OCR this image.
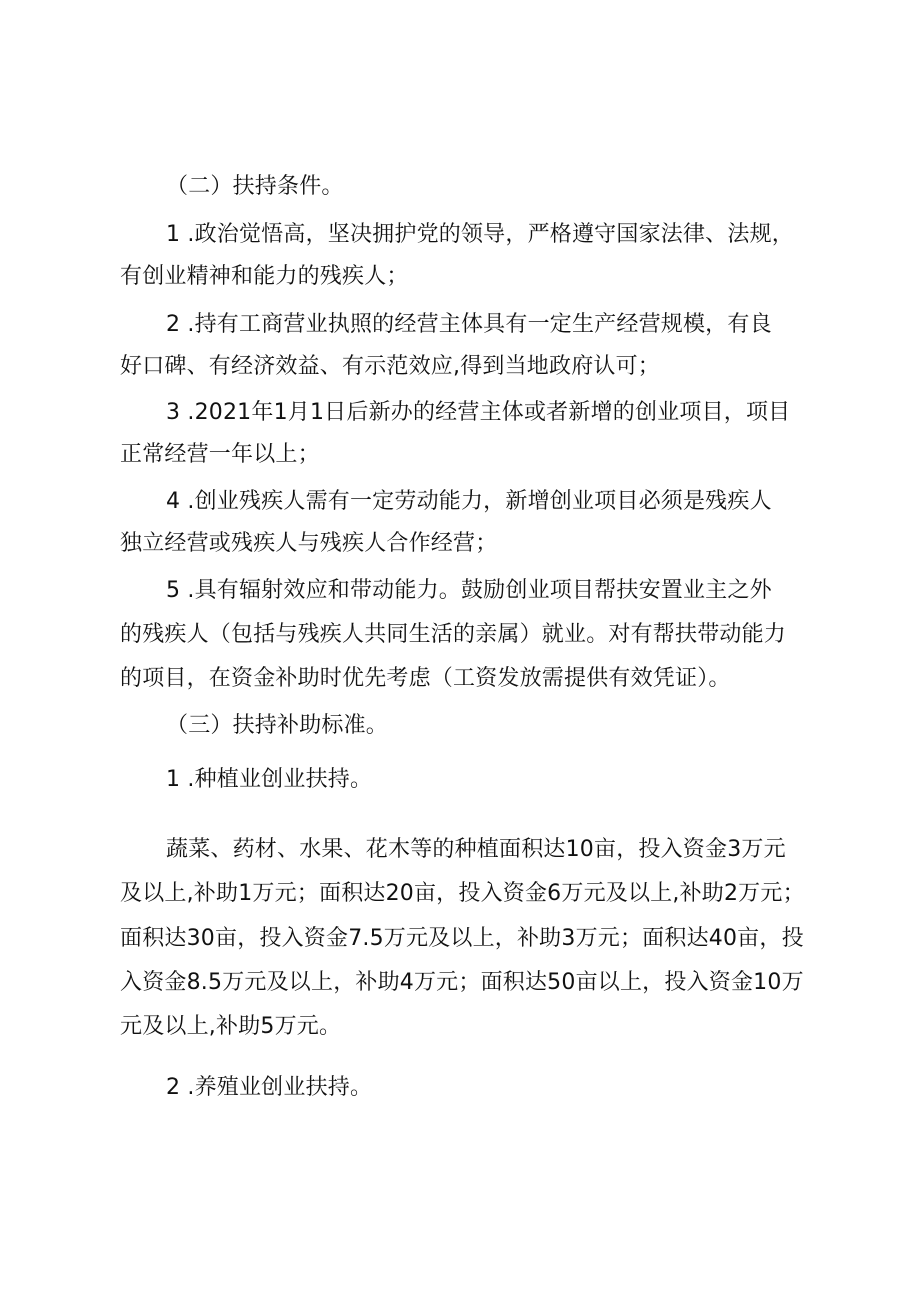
（二）扶持条件。

1 .政治觉悟高，坚决拥护党的领导，严格遵守国家法律、法规，

有创业精神和能力的残疾人；

2 .持有工商营业执照的经营主体具有一定生产经营规模，有良

好口碑、有经济效益、有示范效应,得到当地政府认可；

3 .2021年1月1日后新办的经营主体或者新增的创业项目，项目

正常经营一年以上；

4 .创业残疾人需有一定劳动能力，新增创业项目必须是残疾人

独立经营或残疾人与残疾人合作经营；

5 .具有辐射效应和带动能力。鼓励创业项目帮扶安置业主之外

的残疾人（包括与残疾人共同生活的亲属）就业。对有帮扶带动能力

的项目，在资金补助时优先考虑（工资发放需提供有效凭证）。

（三）扶持补助标准。

1 .种植业创业扶持。

蔬菜、药材、水果、花木等的种植面积达10亩，投入资金3万元

及以上,补助1万元；面积达20亩，投入资金6万元及以上,补助2万元；

面积达30亩，投入资金7.5万元及以上，补助3万元；面积达40亩，投

入资金8.5万元及以上，补助4万元；面积达50亩以上，投入资金10万

元及以上,补助5万元。

2 .养殖业创业扶持。
